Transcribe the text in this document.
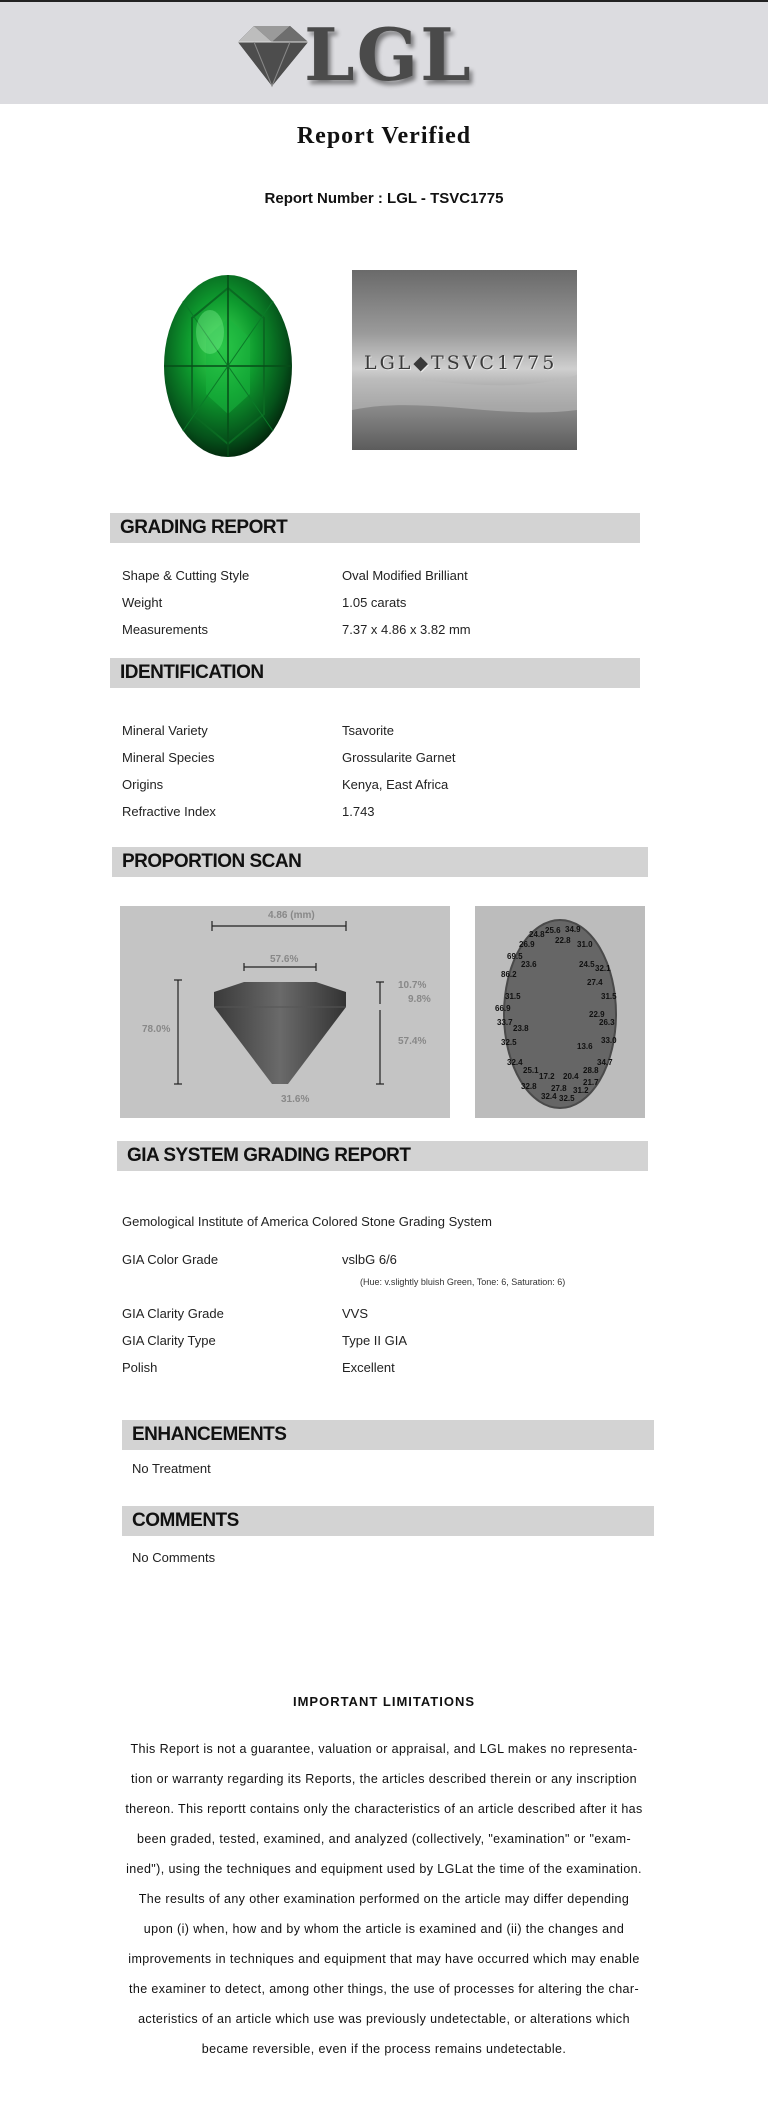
LGL
Report Verified
Report Number : LGL - TSVC1775
LGL◆TSVC1775
GRADING REPORT
Shape & Cutting Style	Oval Modified Brilliant
Weight	1.05 carats
Measurements	7.37 x 4.86 x 3.82 mm
IDENTIFICATION
Mineral Variety	Tsavorite
Mineral Species	Grossularite Garnet
Origins	Kenya, East Africa
Refractive Index	1.743
PROPORTION SCAN
4.86 (mm)
57.6%
10.7%
9.8%
78.0%
57.4%
31.6%
24.8 25.6 34.9
26.9	22.8 31.0
69.5
23.6	24.5 32.1
86.2
27.4
31.5	31.5
66.9
22.9
33.7
23.8
26.3
32.5	33.0
13.6
32.4	34.7
25.1	28.8
17.2 20.4
21.7
32.8 27.8 31.2
32.4 32.5
GIA SYSTEM GRADING REPORT
Gemological Institute of America Colored Stone Grading System
GIA Color Grade	vslbG 6/6
(Hue: v.slightly bluish Green, Tone: 6, Saturation: 6)
GIA Clarity Grade	VVS
GIA Clarity Type	Type II GIA
Polish	Excellent
ENHANCEMENTS
No Treatment
COMMENTS
No Comments
IMPORTANT LIMITATIONS
This Report is not a guarantee, valuation or appraisal, and LGL makes no representa-
tion or warranty regarding its Reports, the articles described therein or any inscription
thereon. This reportt contains only the characteristics of an article described after it has
been graded, tested, examined, and analyzed (collectively, "examination" or "exam-
ined"), using the techniques and equipment used by LGLat the time of the examination.
The results of any other examination performed on the article may differ depending
upon (i) when, how and by whom the article is examined and (ii) the changes and
improvements in techniques and equipment that may have occurred which may enable
the examiner to detect, among other things, the use of processes for altering the char-
acteristics of an article which use was previously undetectable, or alterations which
became reversible, even if the process remains undetectable.
